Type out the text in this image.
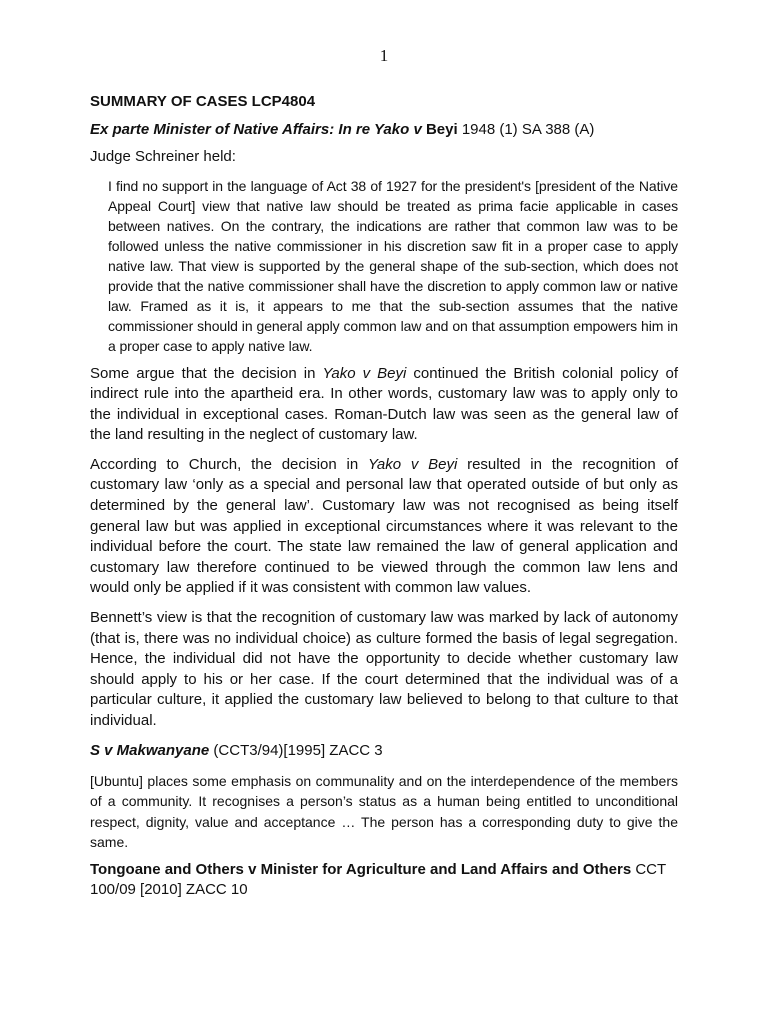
1
SUMMARY OF CASES LCP4804
Ex parte Minister of Native Affairs: In re Yako v Beyi 1948 (1) SA 388 (A)

Judge Schreiner held:

I find no support in the language of Act 38 of 1927 for the president's [president of the Native Appeal Court] view that native law should be treated as prima facie applicable in cases between natives. On the contrary, the indications are rather that common law was to be followed unless the native commissioner in his discretion saw fit in a proper case to apply native law. That view is supported by the general shape of the sub-section, which does not provide that the native commissioner shall have the discretion to apply common law or native law. Framed as it is, it appears to me that the sub-section assumes that the native commissioner should in general apply common law and on that assumption empowers him in a proper case to apply native law.

Some argue that the decision in Yako v Beyi continued the British colonial policy of indirect rule into the apartheid era. In other words, customary law was to apply only to the individual in exceptional cases. Roman-Dutch law was seen as the general law of the land resulting in the neglect of customary law.

According to Church, the decision in Yako v Beyi resulted in the recognition of customary law ‘only as a special and personal law that operated outside of but only as determined by the general law’. Customary law was not recognised as being itself general law but was applied in exceptional circumstances where it was relevant to the individual before the court. The state law remained the law of general application and customary law therefore continued to be viewed through the common law lens and would only be applied if it was consistent with common law values.

Bennett’s view is that the recognition of customary law was marked by lack of autonomy (that is, there was no individual choice) as culture formed the basis of legal segregation. Hence, the individual did not have the opportunity to decide whether customary law should apply to his or her case. If the court determined that the individual was of a particular culture, it applied the customary law believed to belong to that culture to that individual.

S v Makwanyane (CCT3/94)[1995] ZACC 3
[Ubuntu] places some emphasis on communality and on the interdependence of the members of a community. It recognises a person’s status as a human being entitled to unconditional respect, dignity, value and acceptance … The person has a corresponding duty to give the same.
Tongoane and Others v Minister for Agriculture and Land Affairs and Others CCT 100/09 [2010] ZACC 10
